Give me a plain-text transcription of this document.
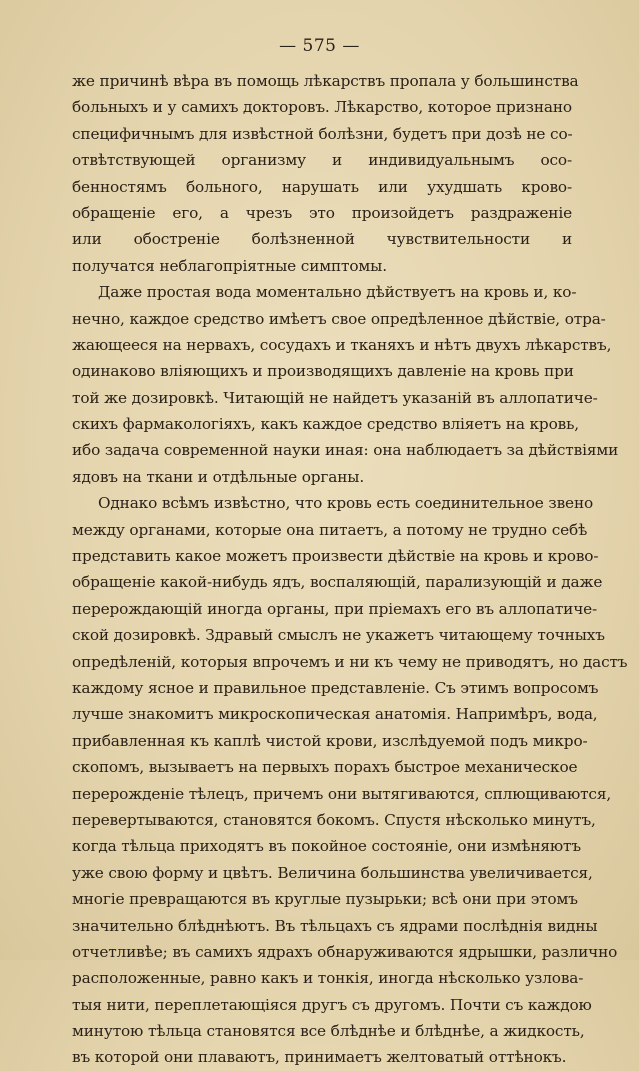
— 575 —
же причинѣ вѣра въ помощь лѣкарствъ пропала у большинства
больныхъ и у самихъ докторовъ. Лѣкарство, которое признано
специфичнымъ для извѣстной болѣзни, будетъ при дозѣ не со-
отвѣтствующей организму и индивидуальнымъ осо-
бенностямъ больного, нарушать или ухудшать крово-
обращеніе его, а чрезъ это произойдетъ раздраженіе
или обостреніе болѣзненной чувствительности и
получатся неблагопріятные симптомы.
Даже простая вода моментально дѣйствуетъ на кровь и, ко-
нечно, каждое средство имѣетъ свое опредѣленное дѣйствіе, отра-
жающееся на нервахъ, сосудахъ и тканяхъ и нѣтъ двухъ лѣкарствъ,
одинаково вліяющихъ и производящихъ давленіе на кровь при
той же дозировкѣ. Читающій не найдетъ указаній въ аллопатиче-
скихъ фармакологіяхъ, какъ каждое средство вліяетъ на кровь,
ибо задача современной науки иная: она наблюдаетъ за дѣйствіями
ядовъ на ткани и отдѣльные органы.
Однако всѣмъ извѣстно, что кровь есть соединительное звено
между органами, которые она питаетъ, а потому не трудно себѣ
представить какое можетъ произвести дѣйствіе на кровь и крово-
обращеніе какой-нибудь ядъ, воспаляющій, парализующій и даже
перерождающій иногда органы, при пріемахъ его въ аллопатиче-
ской дозировкѣ. Здравый смыслъ не укажетъ читающему точныхъ
опредѣленій, которыя впрочемъ и ни къ чему не приводятъ, но дастъ
каждому ясное и правильное представленіе. Съ этимъ вопросомъ
лучше знакомитъ микроскопическая анатомія. Напримѣръ, вода,
прибавленная къ каплѣ чистой крови, изслѣдуемой подъ микро-
скопомъ, вызываетъ на первыхъ порахъ быстрое механическое
перерожденіе тѣлецъ, причемъ они вытягиваются, сплющиваются,
перевертываются, становятся бокомъ. Спустя нѣсколько минутъ,
когда тѣльца приходятъ въ покойное состояніе, они измѣняютъ
уже свою форму и цвѣтъ. Величина большинства увеличивается,
многіе превращаются въ круглые пузырьки; всѣ они при этомъ
значительно блѣднѣютъ. Въ тѣльцахъ съ ядрами послѣднія видны
отчетливѣе; въ самихъ ядрахъ обнаруживаются ядрышки, различно
расположенные, равно какъ и тонкія, иногда нѣсколько узлова-
тыя нити, переплетающіяся другъ съ другомъ. Почти съ каждою
минутою тѣльца становятся все блѣднѣе и блѣднѣе, а жидкость,
въ которой они плаваютъ, принимаетъ желтоватый оттѣнокъ.
